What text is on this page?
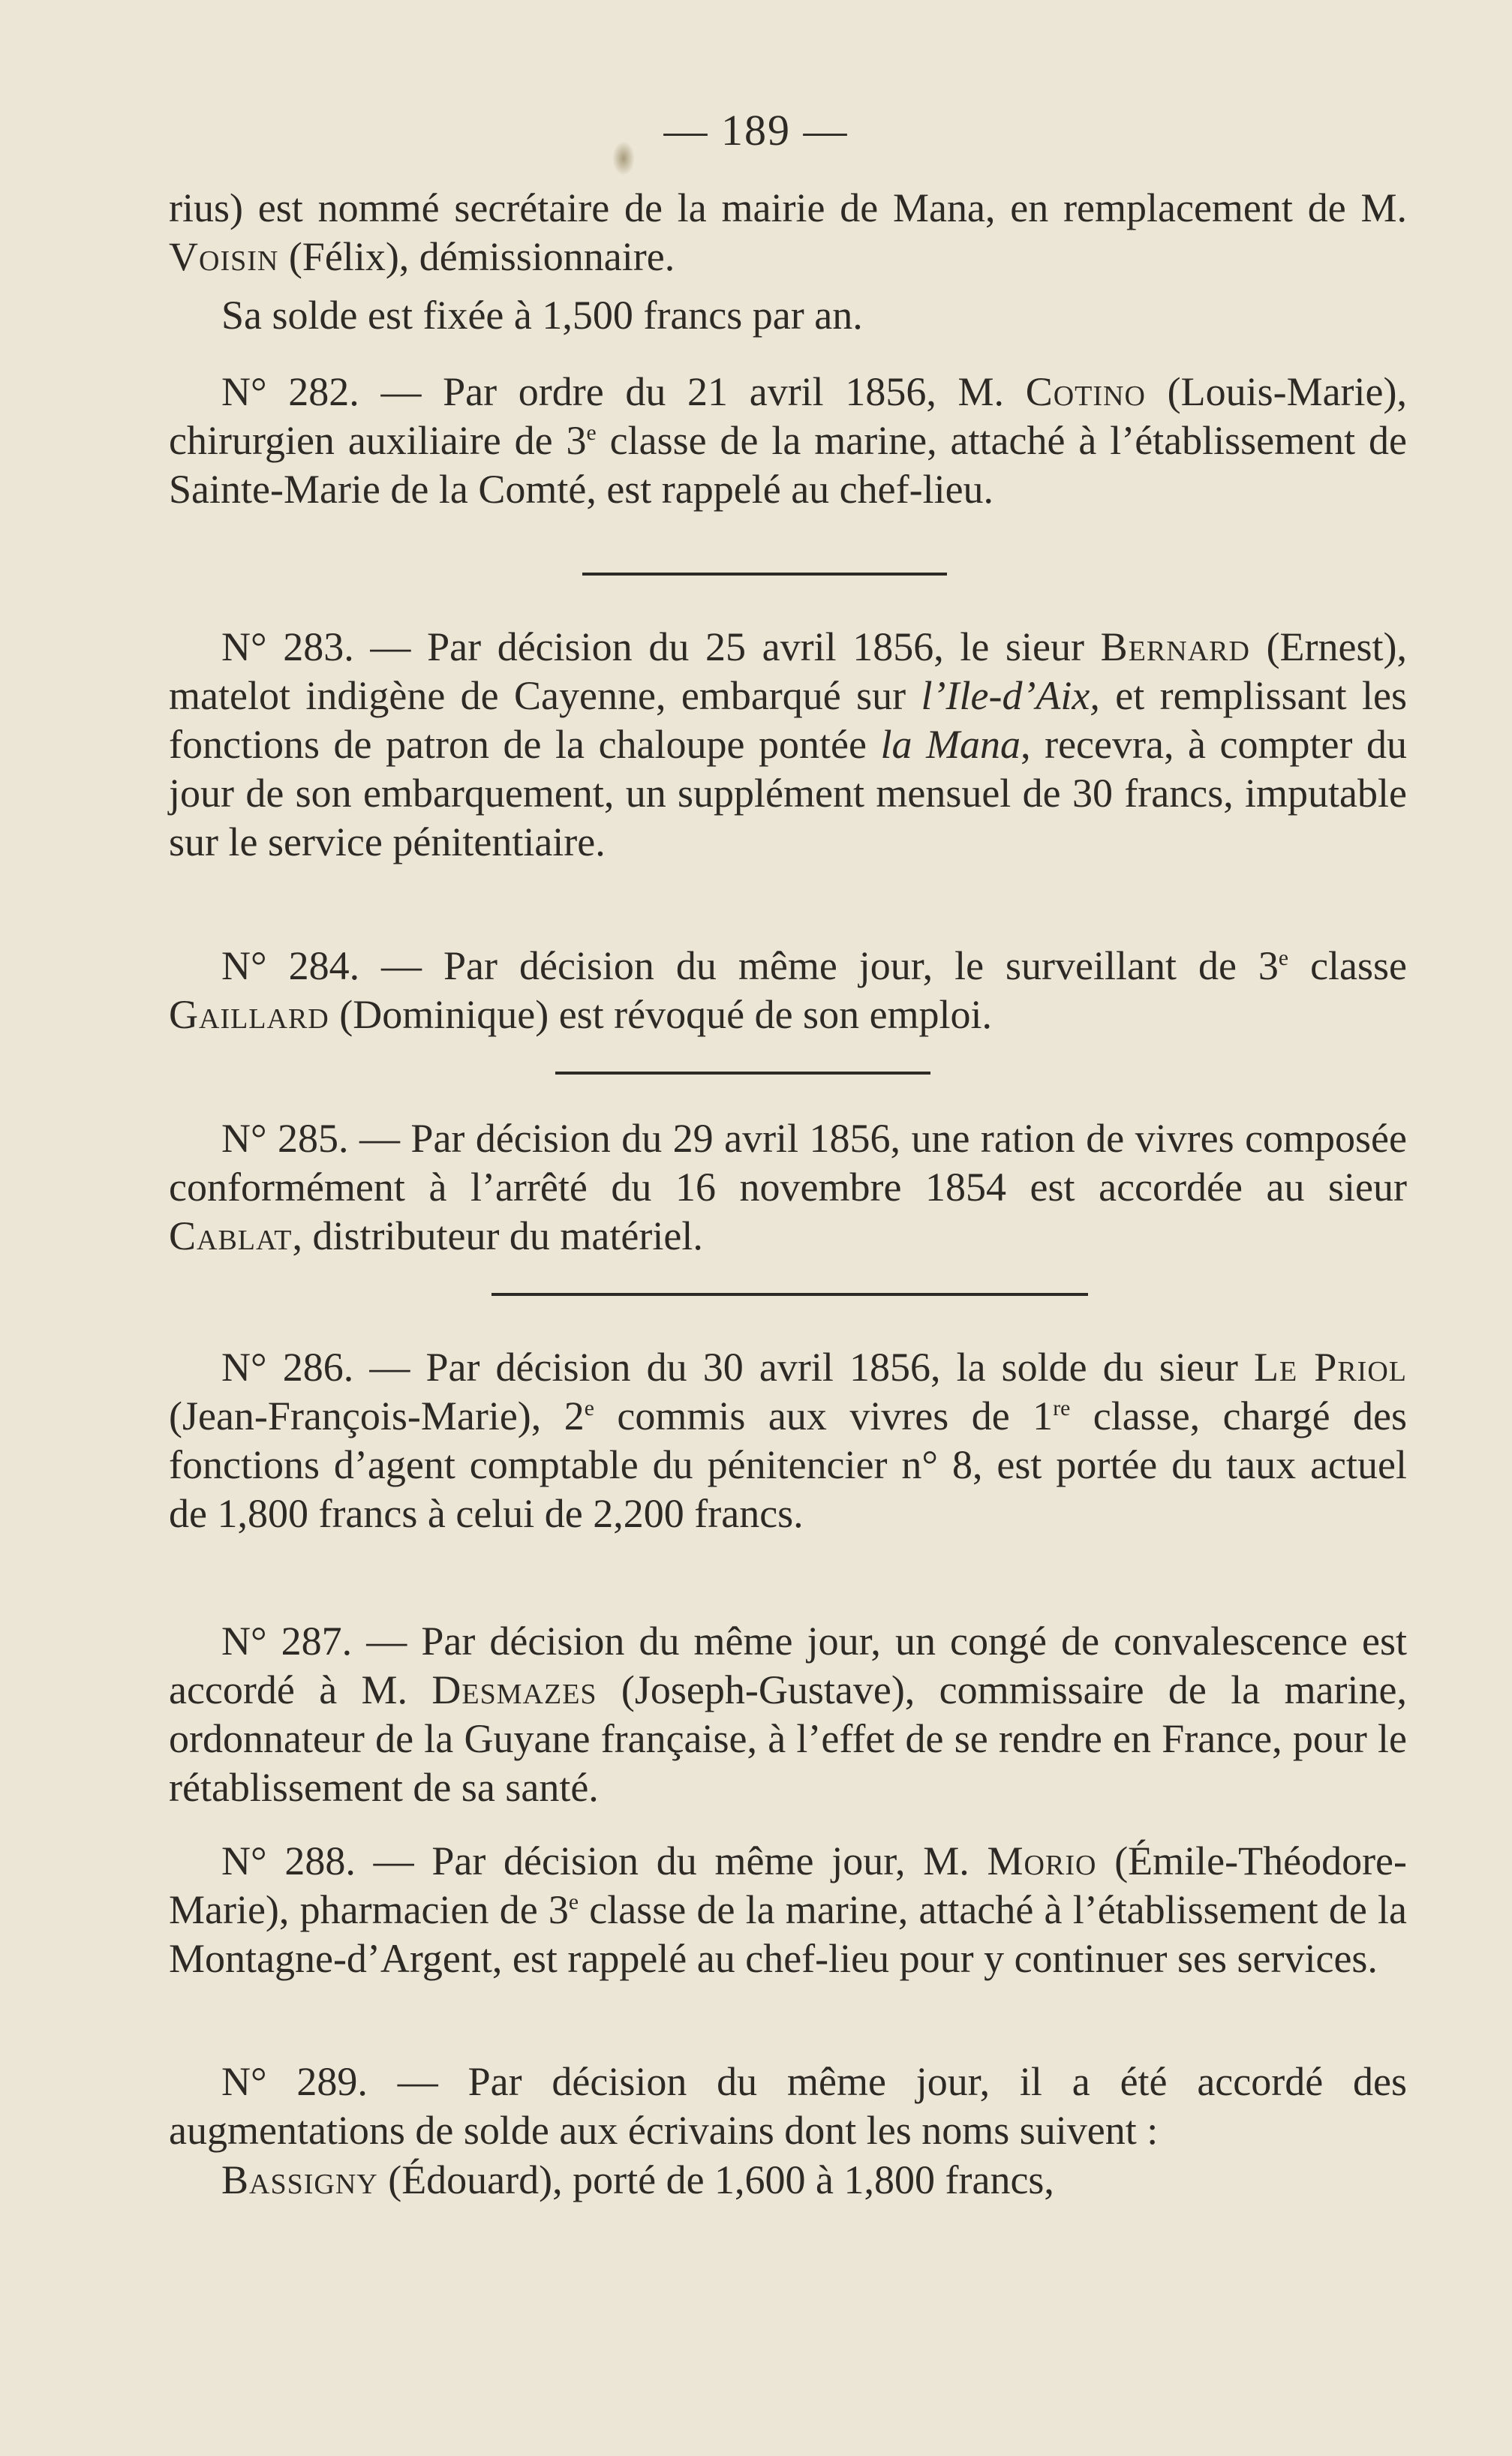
— 189 —

rius) est nommé secrétaire de la mairie de Mana, en remplacement de M. Voisin (Félix), démissionnaire.

Sa solde est fixée à 1,500 francs par an.

N° 282. — Par ordre du 21 avril 1856, M. Cotino (Louis-Marie), chirurgien auxiliaire de 3e classe de la marine, attaché à l’établissement de Sainte-Marie de la Comté, est rappelé au chef-lieu.

N° 283. — Par décision du 25 avril 1856, le sieur Bernard (Ernest), matelot indigène de Cayenne, embarqué sur l’Ile-d’Aix, et remplissant les fonctions de patron de la chaloupe pontée la Mana, recevra, à compter du jour de son embarquement, un supplément mensuel de 30 francs, imputable sur le service pénitentiaire.

N° 284. — Par décision du même jour, le surveillant de 3e classe Gaillard (Dominique) est révoqué de son emploi.

N° 285. — Par décision du 29 avril 1856, une ration de vivres composée conformément à l’arrêté du 16 novembre 1854 est accordée au sieur Cablat, distributeur du matériel.

N° 286. — Par décision du 30 avril 1856, la solde du sieur Le Priol (Jean-François-Marie), 2e commis aux vivres de 1re classe, chargé des fonctions d’agent comptable du pénitencier n° 8, est portée du taux actuel de 1,800 francs à celui de 2,200 francs.

N° 287. — Par décision du même jour, un congé de convalescence est accordé à M. Desmazes (Joseph-Gustave), commissaire de la marine, ordonnateur de la Guyane française, à l’effet de se rendre en France, pour le rétablissement de sa santé.

N° 288. — Par décision du même jour, M. Morio (Émile-Théodore-Marie), pharmacien de 3e classe de la marine, attaché à l’établissement de la Montagne-d’Argent, est rappelé au chef-lieu pour y continuer ses services.

N° 289. — Par décision du même jour, il a été accordé des augmentations de solde aux écrivains dont les noms suivent :

Bassigny (Édouard), porté de 1,600 à 1,800 francs,
